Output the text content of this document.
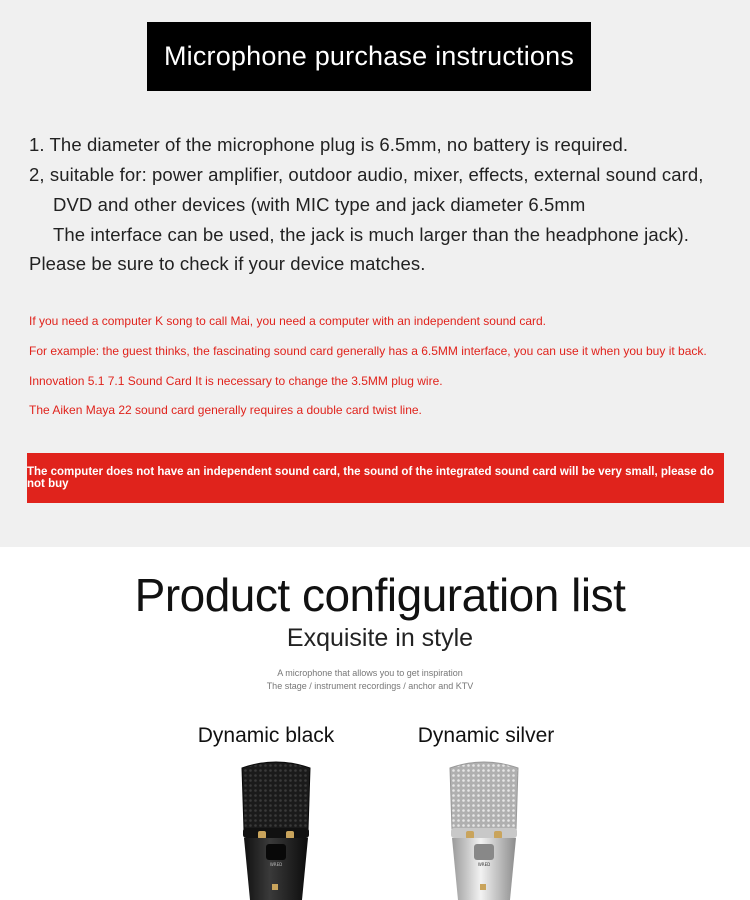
Microphone purchase instructions
1. The diameter of the microphone plug is 6.5mm, no battery is required.
2, suitable for: power amplifier, outdoor audio, mixer, effects, external sound card,
DVD and other devices (with MIC type and jack diameter 6.5mm
The interface can be used, the jack is much larger than the headphone jack).
Please be sure to check if your device matches.
If you need a computer K song to call Mai, you need a computer with an independent sound card.
For example: the guest thinks, the fascinating sound card generally has a 6.5MM interface, you can use it when you buy it back.
Innovation 5.1 7.1 Sound Card It is necessary to change the 3.5MM plug wire.
The Aiken Maya 22 sound card generally requires a double card twist line.
The computer does not have an independent sound card, the sound of the integrated sound card will be very small, please do not buy
Product configuration list
Exquisite in style
A microphone that allows you to get inspiration
The stage / instrument recordings / anchor and KTV
Dynamic black	Dynamic silver
WRED	WRED
